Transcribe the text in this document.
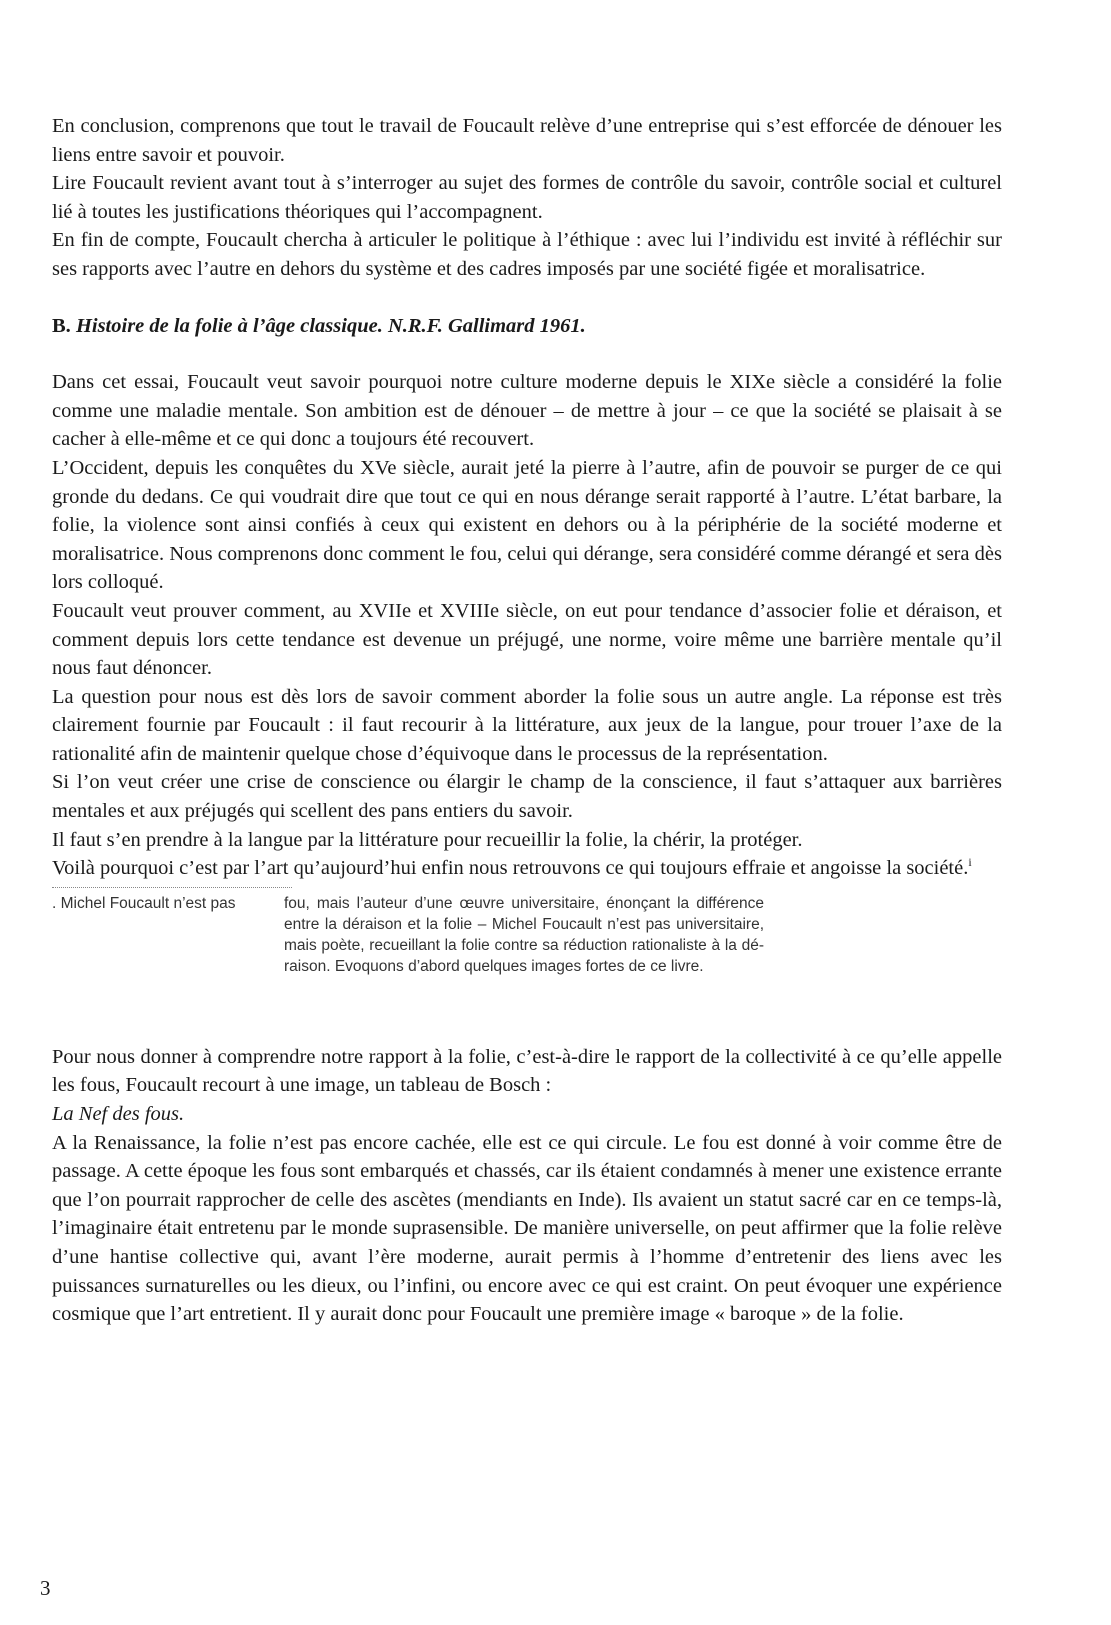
En conclusion, comprenons que tout le travail de Foucault relève d’une entreprise qui s’est efforcée de dénouer les liens entre savoir et pouvoir.

Lire Foucault revient avant tout à s’interroger au sujet des formes de contrôle du savoir, contrôle social et culturel lié à toutes les justifications théoriques qui l’accompagnent.

En fin de compte, Foucault chercha à articuler le politique à l’éthique : avec lui l’individu est invité à réfléchir sur ses rapports avec l’autre en dehors du système et des cadres imposés par une société figée et moralisatrice.

B. Histoire de la folie à l’âge classique. N.R.F. Gallimard 1961.

Dans cet essai, Foucault veut savoir pourquoi notre culture moderne depuis le XIXe siècle a considéré la folie comme une maladie mentale. Son ambition est de dénouer – de mettre à jour – ce que la société se plaisait à se cacher à elle-même et ce qui donc a toujours été recouvert.

L’Occident, depuis les conquêtes du XVe siècle, aurait jeté la pierre à l’autre, afin de pouvoir se purger de ce qui gronde du dedans. Ce qui voudrait dire que tout ce qui en nous dérange serait rapporté à l’autre. L’état barbare, la folie, la violence sont ainsi confiés à ceux qui existent en dehors ou à la périphérie de la société moderne et moralisatrice. Nous comprenons donc comment le fou, celui qui dérange, sera considéré comme dérangé et sera dès lors colloqué.

Foucault veut prouver comment, au XVIIe et XVIIIe siècle, on eut pour tendance d’associer folie et déraison, et comment depuis lors cette tendance est devenue un préjugé, une norme, voire même une barrière mentale qu’il nous faut dénoncer.

La question pour nous est dès lors de savoir comment aborder la folie sous un autre angle. La réponse est très clairement fournie par Foucault : il faut recourir à la littérature, aux jeux de la langue, pour trouer l’axe de la rationalité afin de maintenir quelque chose d’équivoque dans le processus de la représentation.

Si l’on veut créer une crise de conscience ou élargir le champ de la conscience, il faut s’attaquer aux barrières mentales et aux préjugés qui scellent des pans entiers du savoir.

Il faut s’en prendre à la langue par la littérature pour recueillir la folie, la chérir, la protéger.

Voilà pourquoi c’est par l’art qu’aujourd’hui enfin nous retrouvons ce qui toujours effraie et angoisse la société.$^i$

. Michel Foucault n’est pas	fou, mais l’auteur d’une œuvre universitaire, énonçant la différence entre la déraison et la folie – Michel Foucault n’est pas universitaire, mais poète, recueillant la folie contre sa réduction rationaliste à la dé-raison. Evoquons d’abord quelques images fortes de ce livre.

Pour nous donner à comprendre notre rapport à la folie, c’est-à-dire le rapport de la collectivité à ce qu’elle appelle les fous, Foucault recourt à une image, un tableau de Bosch :
La Nef des fous.

A la Renaissance, la folie n’est pas encore cachée, elle est ce qui circule. Le fou est donné à voir comme être de passage. A cette époque les fous sont embarqués et chassés, car ils étaient condamnés à mener une existence errante que l’on pourrait rapprocher de celle des ascètes (mendiants en Inde). Ils avaient un statut sacré car en ce temps-là, l’imaginaire était entretenu par le monde suprasensible. De manière universelle, on peut affirmer que la folie relève d’une hantise collective qui, avant l’ère moderne, aurait permis à l’homme d’entretenir des liens avec les puissances surnaturelles ou les dieux, ou l’infini, ou encore avec ce qui est craint. On peut évoquer une expérience cosmique que l’art entretient. Il y aurait donc pour Foucault une première image « baroque » de la folie.

3
